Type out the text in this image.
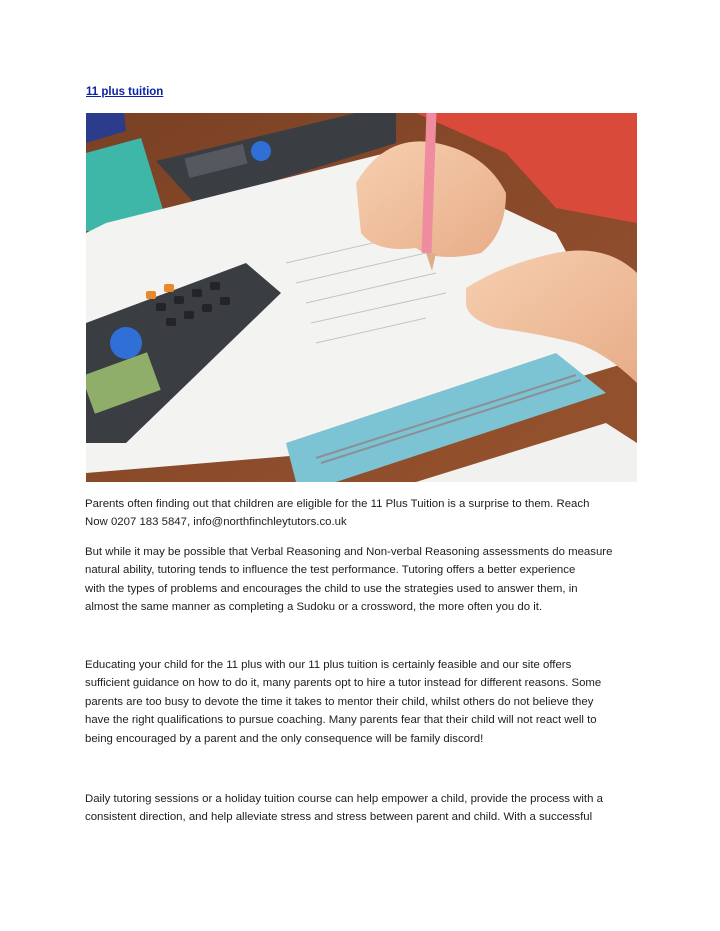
11 plus tuition

Parents often finding out that children are eligible for the 11 Plus Tuition is a surprise to them. Reach
Now 0207 183 5847, info@northfinchleytutors.co.uk

But while it may be possible that Verbal Reasoning and Non-verbal Reasoning assessments do measure
natural ability, tutoring tends to influence the test performance. Tutoring offers a better experience
with the types of problems and encourages the child to use the strategies used to answer them, in
almost the same manner as completing a Sudoku or a crossword, the more often you do it.

Educating your child for the 11 plus with our 11 plus tuition is certainly feasible and our site offers
sufficient guidance on how to do it, many parents opt to hire a tutor instead for different reasons. Some
parents are too busy to devote the time it takes to mentor their child, whilst others do not believe they
have the right qualifications to pursue coaching. Many parents fear that their child will not react well to
being encouraged by a parent and the only consequence will be family discord!

Daily tutoring sessions or a holiday tuition course can help empower a child, provide the process with a
consistent direction, and help alleviate stress and stress between parent and child. With a successful
